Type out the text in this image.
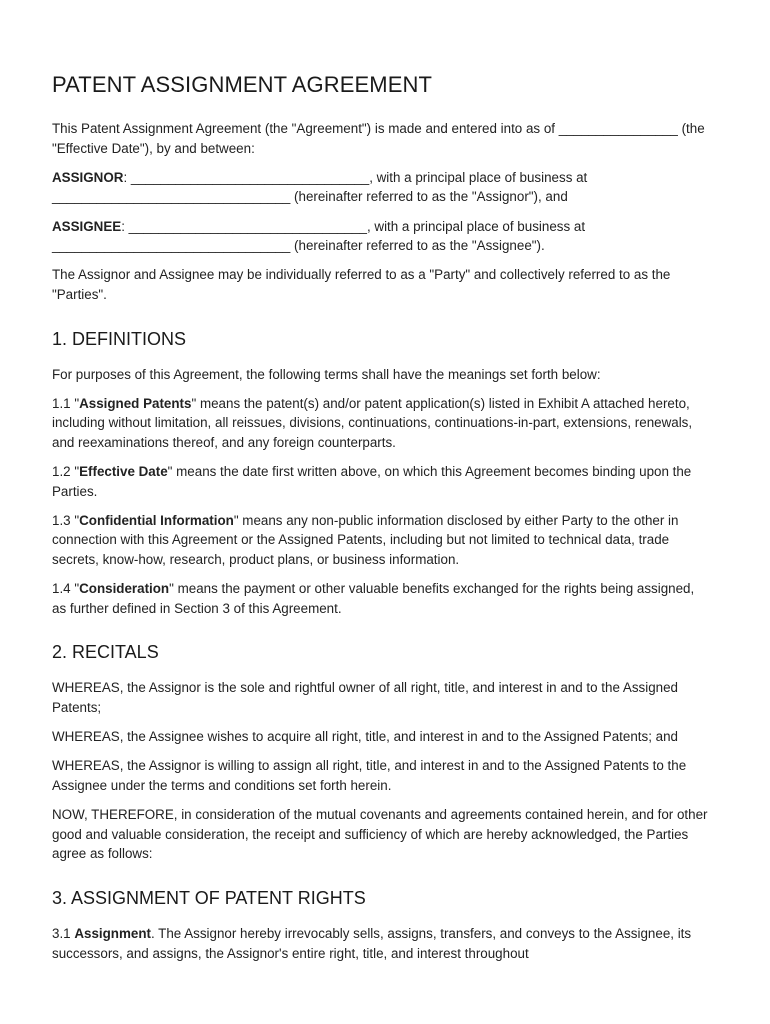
PATENT ASSIGNMENT AGREEMENT

This Patent Assignment Agreement (the "Agreement") is made and entered into as of ________________ (the "Effective Date"), by and between:

ASSIGNOR: ________________________________, with a principal place of business at ________________________________ (hereinafter referred to as the "Assignor"), and

ASSIGNEE: ________________________________, with a principal place of business at ________________________________ (hereinafter referred to as the "Assignee").

The Assignor and Assignee may be individually referred to as a "Party" and collectively referred to as the "Parties".

1. DEFINITIONS

For purposes of this Agreement, the following terms shall have the meanings set forth below:

1.1 "Assigned Patents" means the patent(s) and/or patent application(s) listed in Exhibit A attached hereto, including without limitation, all reissues, divisions, continuations, continuations-in-part, extensions, renewals, and reexaminations thereof, and any foreign counterparts.

1.2 "Effective Date" means the date first written above, on which this Agreement becomes binding upon the Parties.

1.3 "Confidential Information" means any non-public information disclosed by either Party to the other in connection with this Agreement or the Assigned Patents, including but not limited to technical data, trade secrets, know-how, research, product plans, or business information.

1.4 "Consideration" means the payment or other valuable benefits exchanged for the rights being assigned, as further defined in Section 3 of this Agreement.

2. RECITALS

WHEREAS, the Assignor is the sole and rightful owner of all right, title, and interest in and to the Assigned Patents;

WHEREAS, the Assignee wishes to acquire all right, title, and interest in and to the Assigned Patents; and

WHEREAS, the Assignor is willing to assign all right, title, and interest in and to the Assigned Patents to the Assignee under the terms and conditions set forth herein.

NOW, THEREFORE, in consideration of the mutual covenants and agreements contained herein, and for other good and valuable consideration, the receipt and sufficiency of which are hereby acknowledged, the Parties agree as follows:

3. ASSIGNMENT OF PATENT RIGHTS

3.1 Assignment. The Assignor hereby irrevocably sells, assigns, transfers, and conveys to the Assignee, its successors, and assigns, the Assignor's entire right, title, and interest throughout
